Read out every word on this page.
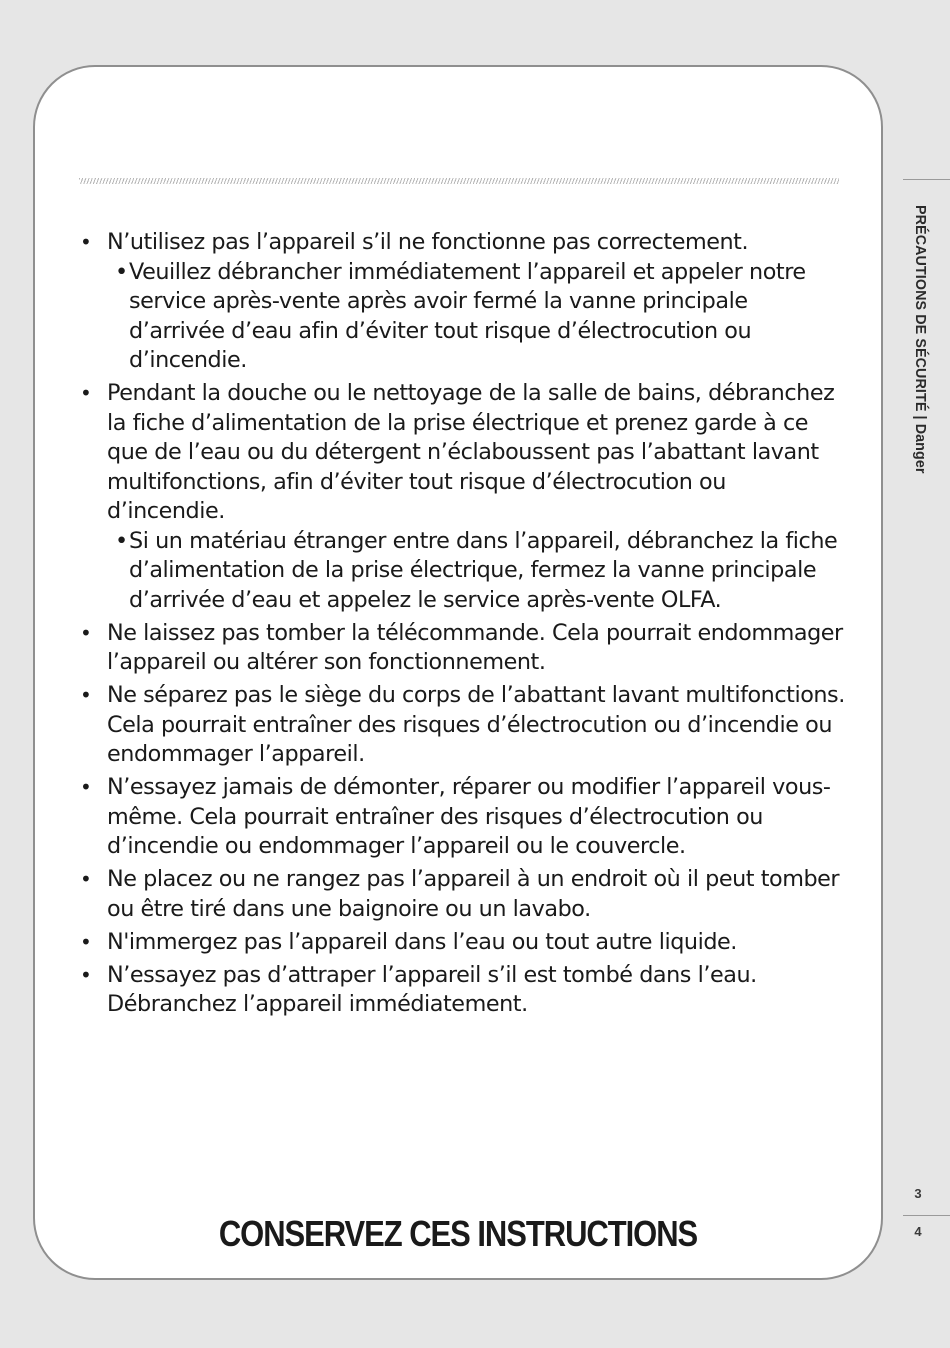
• N’utilisez pas l’appareil s’il ne fonctionne pas correctement.
• Veuillez débrancher immédiatement l’appareil et appeler notre service après-vente après avoir fermé la vanne principale d’arrivée d’eau afin d’éviter tout risque d’électrocution ou d’incendie.
• Pendant la douche ou le nettoyage de la salle de bains, débranchez la fiche d’alimentation de la prise électrique et prenez garde à ce que de l’eau ou du détergent n’éclaboussent pas l’abattant lavant multifonctions, afin d’éviter tout risque d’électrocution ou d’incendie.
• Si un matériau étranger entre dans l’appareil, débranchez la fiche d’alimentation de la prise électrique, fermez la vanne principale d’arrivée d’eau et appelez le service après-vente OLFA.
• Ne laissez pas tomber la télécommande. Cela pourrait endommager l’appareil ou altérer son fonctionnement.
• Ne séparez pas le siège du corps de l’abattant lavant multifonctions. Cela pourrait entraîner des risques d’électrocution ou d’incendie ou endommager l’appareil.
• N’essayez jamais de démonter, réparer ou modifier l’appareil vous-même. Cela pourrait entraîner des risques d’électrocution ou d’incendie ou endommager l’appareil ou le couvercle.
• Ne placez ou ne rangez pas l’appareil à un endroit où il peut tomber ou être tiré dans une baignoire ou un lavabo.
• N'immergez pas l’appareil dans l’eau ou tout autre liquide.
• N’essayez pas d’attraper l’appareil s’il est tombé dans l’eau. Débranchez l’appareil immédiatement.
CONSERVEZ CES INSTRUCTIONS
PRÉCAUTIONS DE SÉCURITÉ | Danger
3
4
